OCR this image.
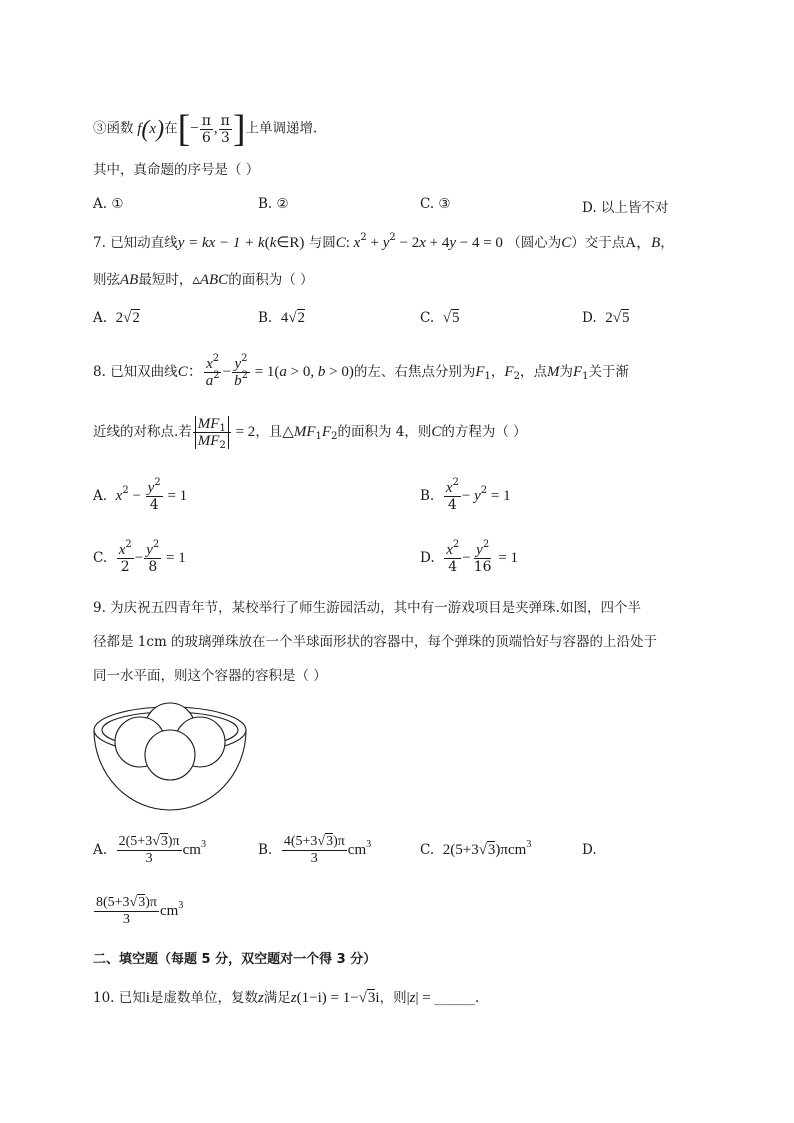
③函数 f(x)在[− $\frac{\pi}{6}$ , $\frac{\pi}{3}$ ]上单调递增.
其中，真命题的序号是（ ）
A. ①	B. ②	C. ③	D. 以上皆不对
7. 已知动直线y = kx − 1 + k(k∈R) 与圆C: $x^2 + y^2 - 2x + 4y - 4 = 0$ （圆心为C）交于点A，B，
则弦AB最短时，▵ABC的面积为（ ）
A. 2√2	B. 4√2	C. √5	D. 2√5
8. 已知双曲线C： $\frac{x^2}{a^2} - \frac{y^2}{b^2} = 1(a > 0$, b > 0)的左、右焦点分别为$F_1$，$F_2$，点M为$F_1$关于渐
近线的对称点.若 $\frac{MF_1}{MF_2} = 2$，且$\triangle MF_1F_2$的面积为 4，则C的方程为（ ）
A. $x^2 - \frac{y^2}{4} = 1$	B. $\frac{x^2}{4} - y^2 = 1$
C. $\frac{x^2}{2} - \frac{y^2}{8} = 1$	D. $\frac{x^2}{4} - \frac{y^2}{16} = 1$
9. 为庆祝五四青年节，某校举行了师生游园活动，其中有一游戏项目是夹弹珠.如图，四个半
径都是 1cm 的玻璃弹珠放在一个半球面形状的容器中，每个弹珠的顶端恰好与容器的上沿处于
同一水平面，则这个容器的容积是（ ）
A. $\frac{2(5+3√3)\pi}{3} cm^3$	B. $\frac{4(5+3√3)\pi}{3} cm^3$	C. 2(5+3√3)πcm$^3$	D.
$\frac{8(5+3√3)\pi}{3} cm^3$
二、填空题（每题 5 分，双空题对一个得 3 分）
10. 已知i是虚数单位，复数z满足z(1−i) = 1−√3i，则|z| = ______.
